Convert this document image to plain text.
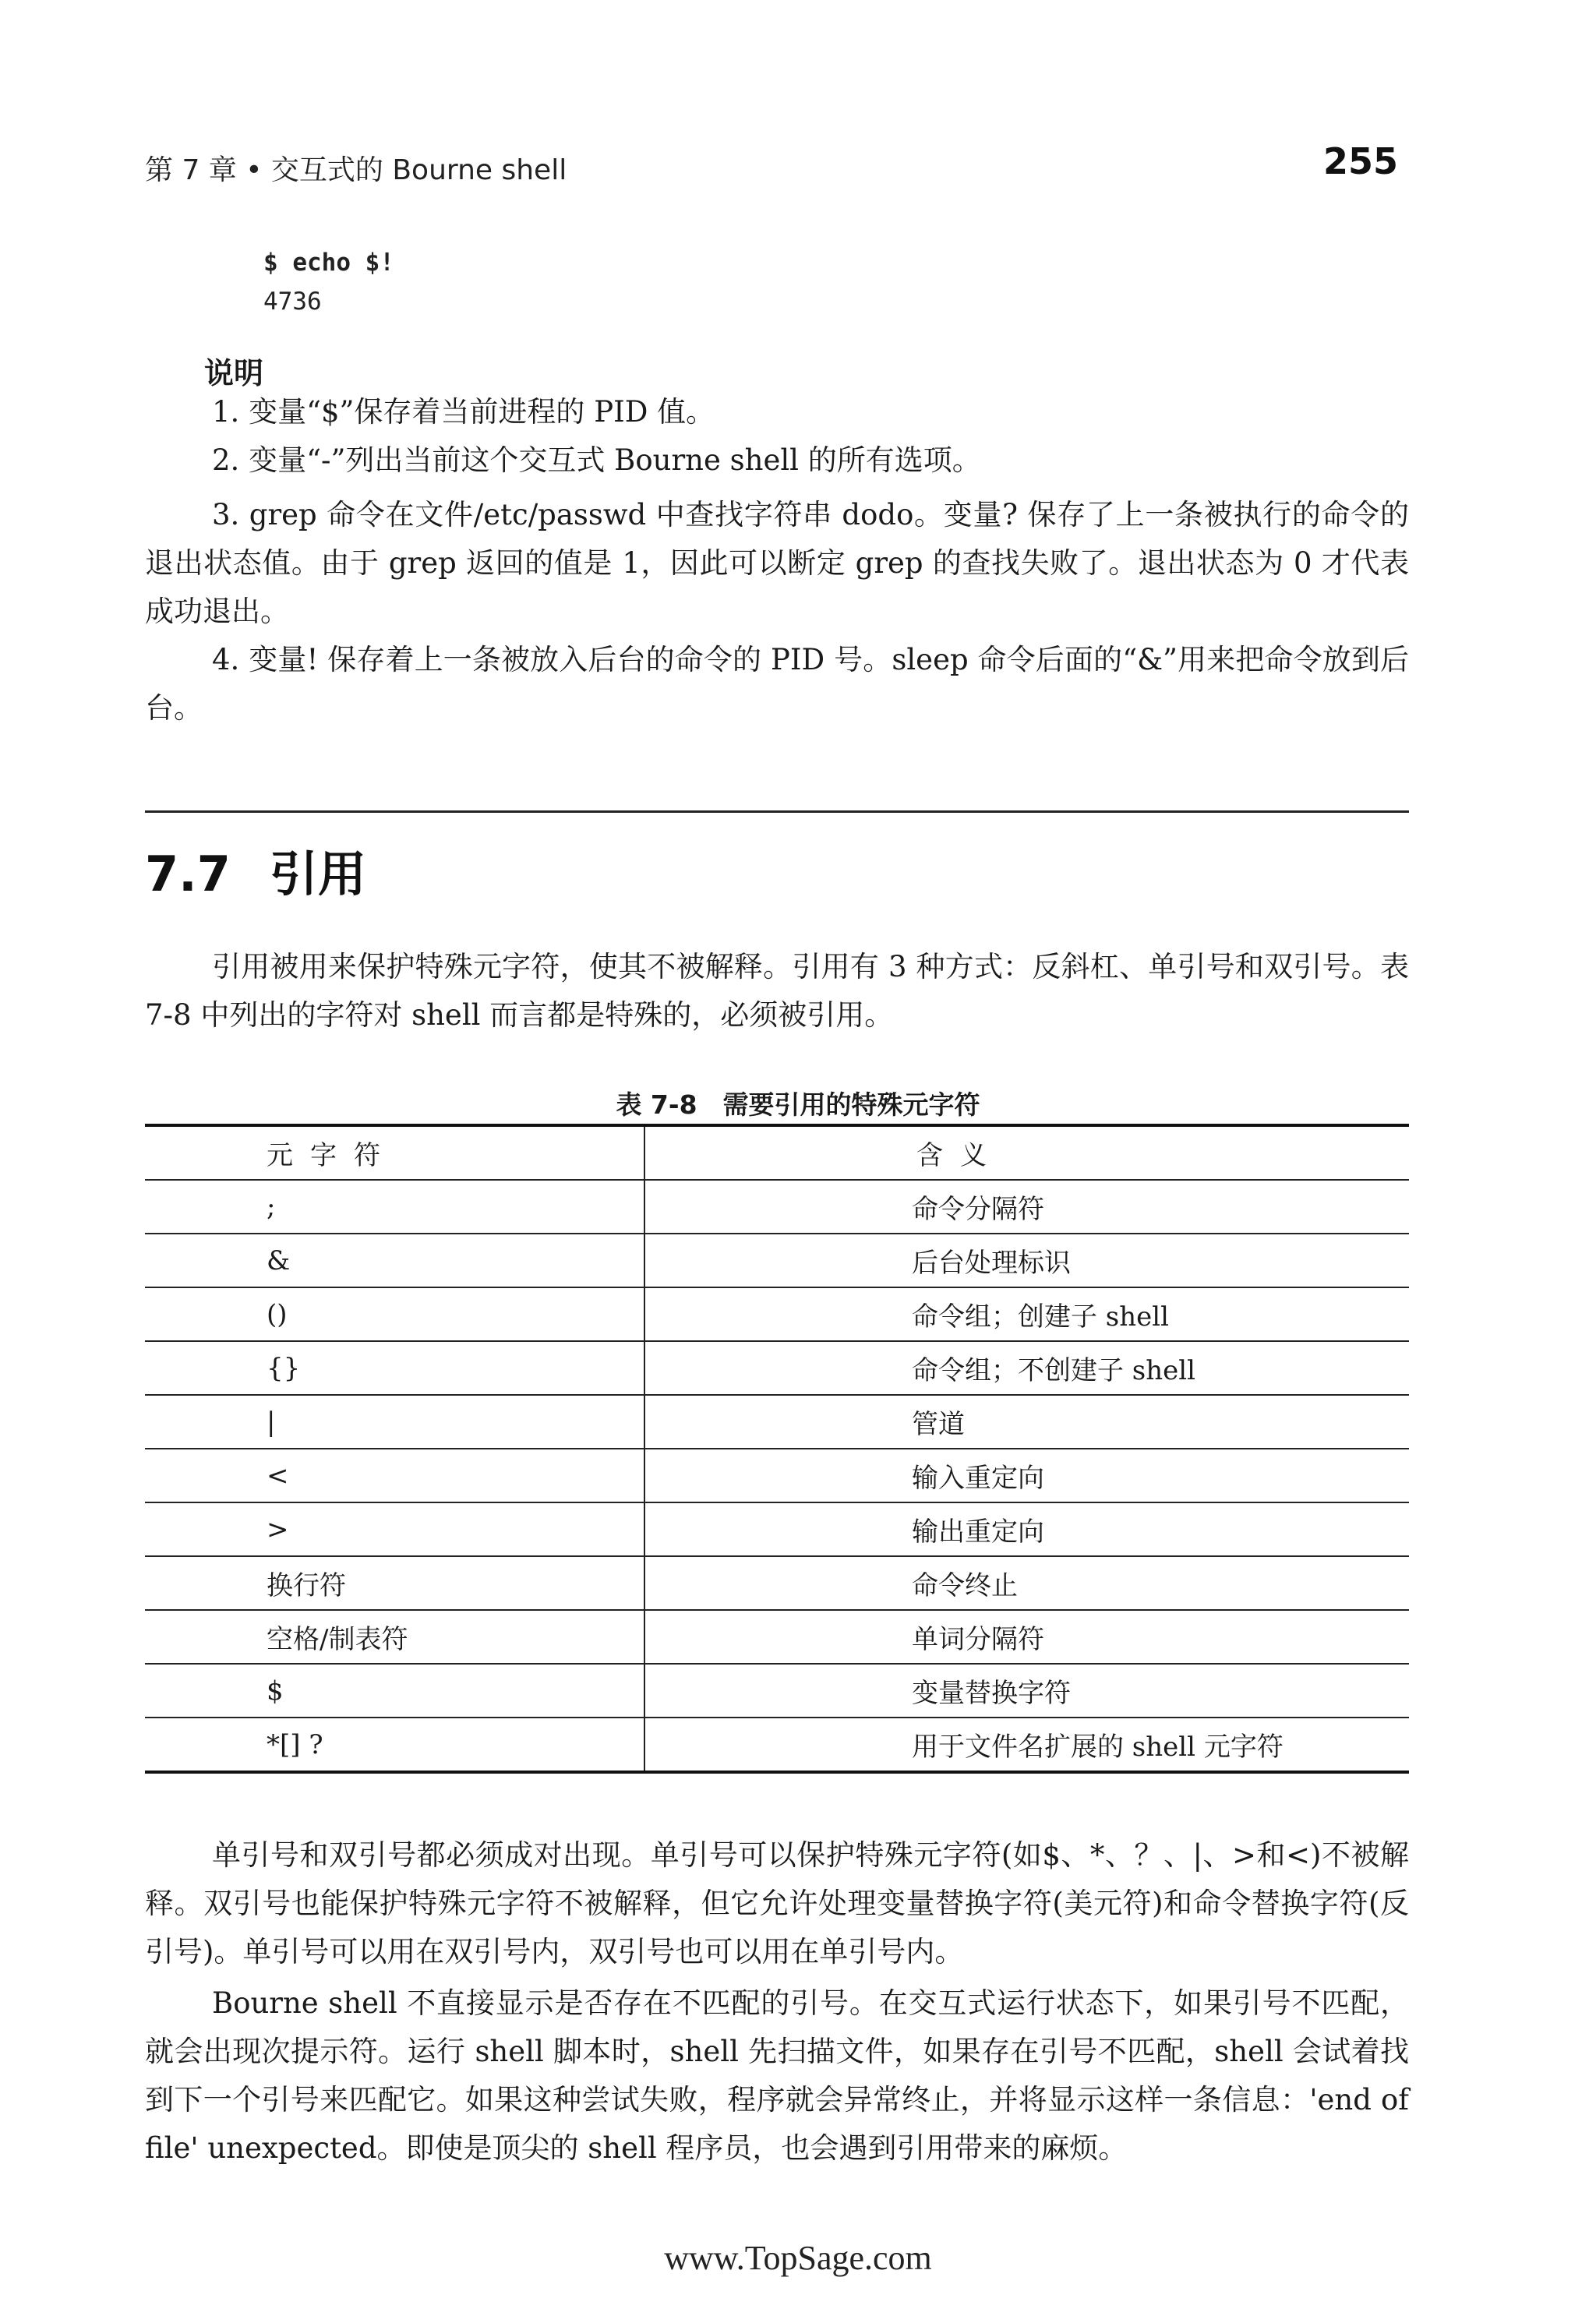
第 7 章 • 交互式的 Bourne shell	255
$ echo $!
4736
说明
1. 变量“$”保存着当前进程的 PID 值。
2. 变量“-”列出当前这个交互式 Bourne shell 的所有选项。
3. grep 命令在文件/etc/passwd 中查找字符串 dodo。变量? 保存了上一条被执行的命令的退出状态值。由于 grep 返回的值是 1，因此可以断定 grep 的查找失败了。退出状态为 0 才代表成功退出。
4. 变量! 保存着上一条被放入后台的命令的 PID 号。sleep 命令后面的“&”用来把命令放到后台。
7.7 引用
引用被用来保护特殊元字符，使其不被解释。引用有 3 种方式：反斜杠、单引号和双引号。表 7-8 中列出的字符对 shell 而言都是特殊的，必须被引用。
表 7-8　需要引用的特殊元字符
元字符	含义
;	命令分隔符
&	后台处理标识
()	命令组；创建子 shell
{}	命令组；不创建子 shell
|	管道
<	输入重定向
>	输出重定向
换行符	命令终止
空格/制表符	单词分隔符
$	变量替换字符
*[] ?	用于文件名扩展的 shell 元字符
单引号和双引号都必须成对出现。单引号可以保护特殊元字符(如$、*、？、|、>和<)不被解释。双引号也能保护特殊元字符不被解释，但它允许处理变量替换字符(美元符)和命令替换字符(反引号)。单引号可以用在双引号内，双引号也可以用在单引号内。
Bourne shell 不直接显示是否存在不匹配的引号。在交互式运行状态下，如果引号不匹配，就会出现次提示符。运行 shell 脚本时，shell 先扫描文件，如果存在引号不匹配，shell 会试着找到下一个引号来匹配它。如果这种尝试失败，程序就会异常终止，并将显示这样一条信息：'end of file' unexpected。即使是顶尖的 shell 程序员，也会遇到引用带来的麻烦。
www.TopSage.com
